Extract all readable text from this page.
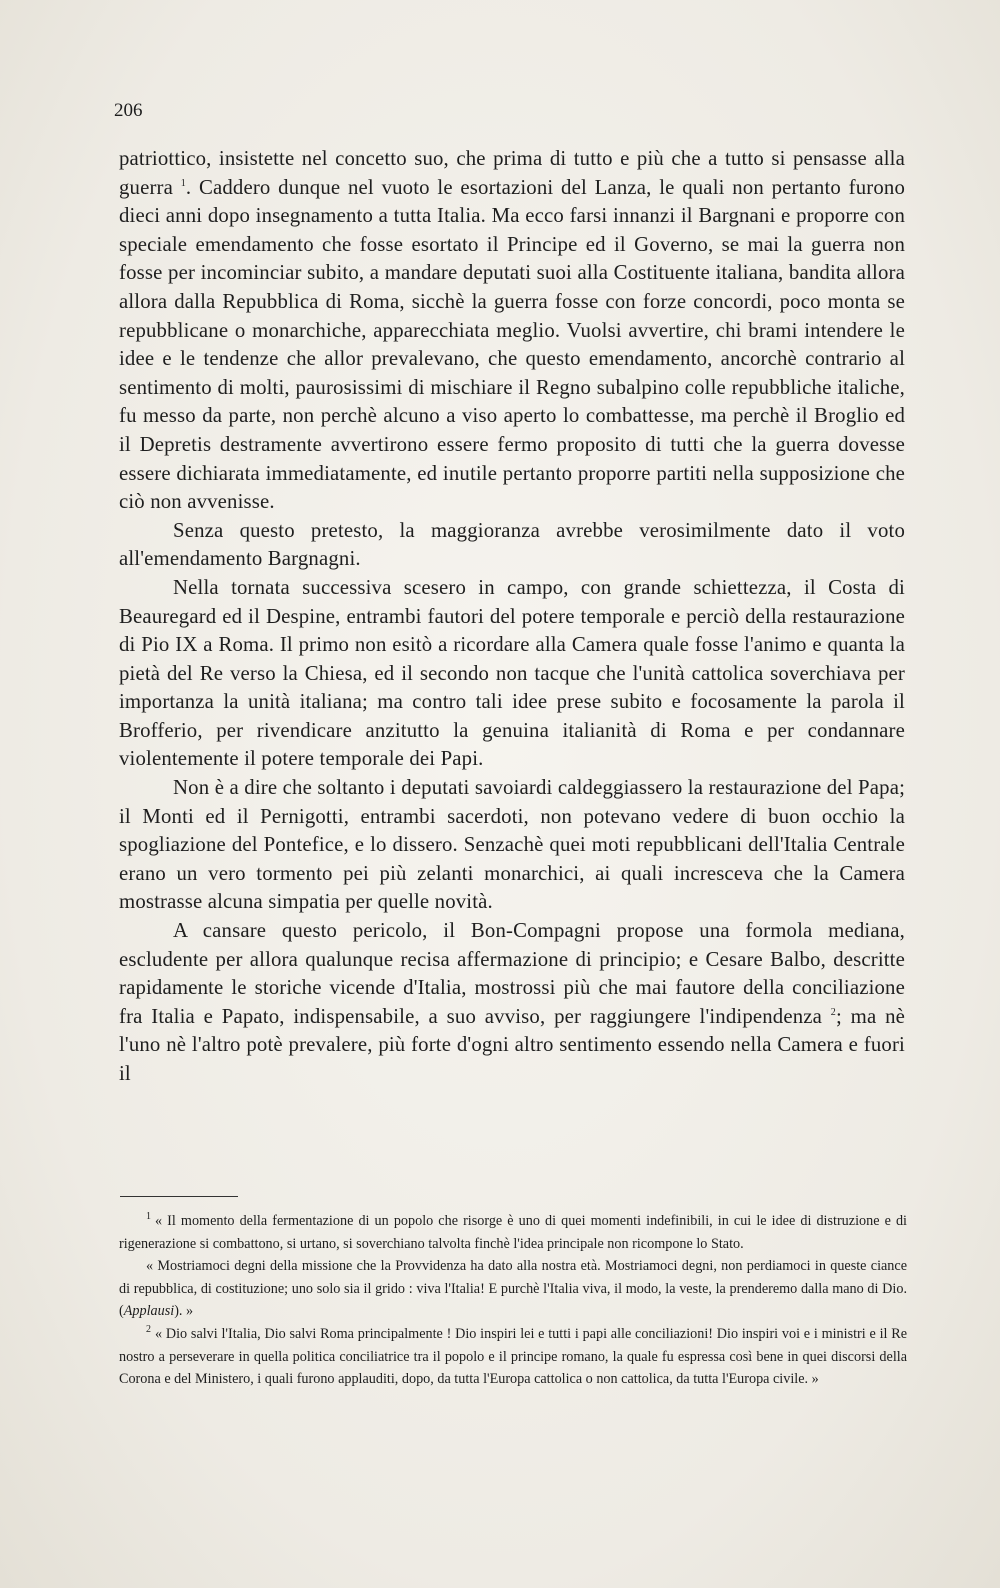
206

patriottico, insistette nel concetto suo, che prima di tutto e più che a tutto si pensasse alla guerra $^1$. Caddero dunque nel vuoto le esortazioni del Lanza, le quali non pertanto furono dieci anni dopo insegnamento a tutta Italia. Ma ecco farsi innanzi il Bargnani e proporre con speciale emendamento che fosse esortato il Principe ed il Governo, se mai la guerra non fosse per incominciar subito, a mandare deputati suoi alla Costituente italiana, bandita allora allora dalla Repubblica di Roma, sicchè la guerra fosse con forze concordi, poco monta se repubblicane o monarchiche, apparecchiata meglio. Vuolsi avvertire, chi brami intendere le idee e le tendenze che allor prevalevano, che questo emendamento, ancorchè contrario al sentimento di molti, paurosissimi di mischiare il Regno subalpino colle repubbliche italiche, fu messo da parte, non perchè alcuno a viso aperto lo combattesse, ma perchè il Broglio ed il Depretis destramente avvertirono essere fermo proposito di tutti che la guerra dovesse essere dichiarata immediatamente, ed inutile pertanto proporre partiti nella supposizione che ciò non avvenisse.

Senza questo pretesto, la maggioranza avrebbe verosimilmente dato il voto all'emendamento Bargnagni.

Nella tornata successiva scesero in campo, con grande schiettezza, il Costa di Beauregard ed il Despine, entrambi fautori del potere temporale e perciò della restaurazione di Pio IX a Roma. Il primo non esitò a ricordare alla Camera quale fosse l'animo e quanta la pietà del Re verso la Chiesa, ed il secondo non tacque che l'unità cattolica soverchiava per importanza la unità italiana; ma contro tali idee prese subito e focosamente la parola il Brofferio, per rivendicare anzitutto la genuina italianità di Roma e per condannare violentemente il potere temporale dei Papi.

Non è a dire che soltanto i deputati savoiardi caldeggiassero la restaurazione del Papa; il Monti ed il Pernigotti, entrambi sacerdoti, non potevano vedere di buon occhio la spogliazione del Pontefice, e lo dissero. Senzachè quei moti repubblicani dell'Italia Centrale erano un vero tormento pei più zelanti monarchici, ai quali incresceva che la Camera mostrasse alcuna simpatia per quelle novità.

A cansare questo pericolo, il Bon-Compagni propose una formola mediana, escludente per allora qualunque recisa affermazione di principio; e Cesare Balbo, descritte rapidamente le storiche vicende d'Italia, mostrossi più che mai fautore della conciliazione fra Italia e Papato, indispensabile, a suo avviso, per raggiungere l'indipendenza $^2$; ma nè l'uno nè l'altro potè prevalere, più forte d'ogni altro sentimento essendo nella Camera e fuori il

$^1$ « Il momento della fermentazione di un popolo che risorge è uno di quei momenti indefinibili, in cui le idee di distruzione e di rigenerazione si combattono, si urtano, si soverchiano talvolta finchè l'idea principale non ricompone lo Stato.

« Mostriamoci degni della missione che la Provvidenza ha dato alla nostra età. Mostriamoci degni, non perdiamoci in queste ciance di repubblica, di costituzione; uno solo sia il grido : viva l'Italia! E purchè l'Italia viva, il modo, la veste, la prenderemo dalla mano di Dio. (Applausi). »

$^2$ « Dio salvi l'Italia, Dio salvi Roma principalmente ! Dio inspiri lei e tutti i papi alle conciliazioni! Dio inspiri voi e i ministri e il Re nostro a perseverare in quella politica conciliatrice tra il popolo e il principe romano, la quale fu espressa così bene in quei discorsi della Corona e del Ministero, i quali furono applauditi, dopo, da tutta l'Europa cattolica o non cattolica, da tutta l'Europa civile. »
